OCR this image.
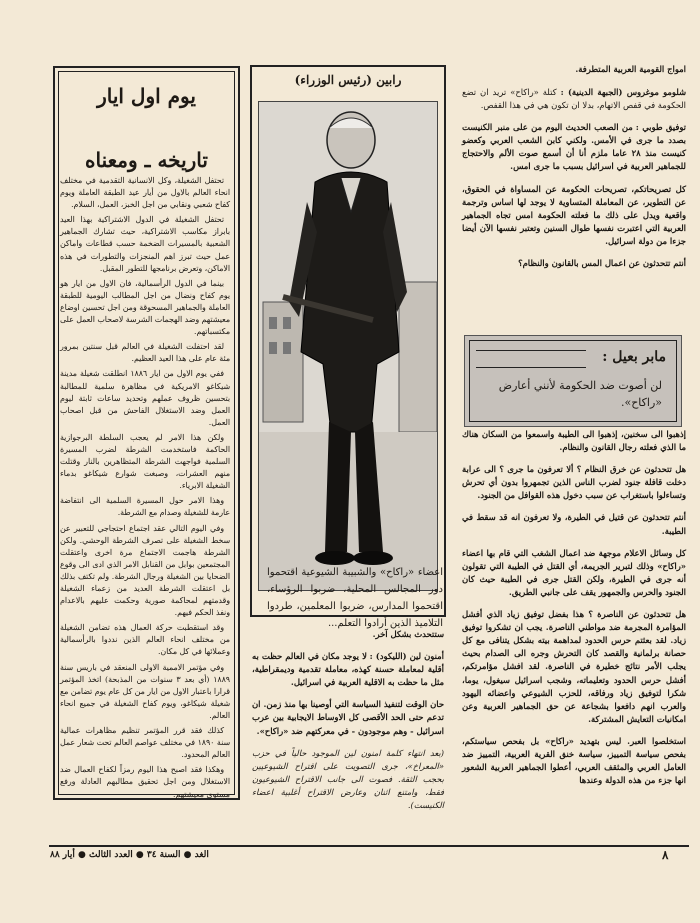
امواج القومية العربية المتطرفة.

شلومو موغروس (الجبهة الدينية) : كتلة «راكاح» تريد ان تضع الحكومة في قفص الاتهام، بدلا ان تكون هي في هذا القفص.

توفيق طوبي : من الصعب الحديث اليوم من على منبر الكنيست بصدد ما جرى في الأمس. ولكني كابن الشعب العربي وكعضو كنيست منذ ٢٨ عاما ملزم أنا أن أسمع صوت الألم والاحتجاج للجماهير العربية في اسرائيل بسبب ما جرى امس.

كل تصريحاتكم، تصريحات الحكومة عن المساواة في الحقوق، عن التطوير، عن المعاملة المتساوية لا يوجد لها اساس وترجمة واقعية ويدل على ذلك ما فعلته الحكومة امس تجاه الجماهير العربية التي اعتبرت نفسها طوال السنين وتعتبر نفسها الآن أيضا جزءا من دولة اسرائيل.

أنتم تتحدثون عن اعمال المس بالقانون والنظام؟

مابر بعيل :
لن أصوت ضد الحكومة لأنني أعارض «راكاح».

إذهبوا الى سخنين، إذهبوا الى الطيبة واسمعوا من السكان هناك ما الذي فعلته رجال القانون والنظام.

هل تتحدثون عن خرق النظام ؟ ألا تعرفون ما جرى ؟ الى عرابة دخلت قافلة جنود لضرب الناس الذين تجمهروا بدون أي تحرش وتساءلوا باستغراب عن سبب دخول هذه القوافل من الجنود.

أنتم تتحدثون عن قتيل في الطيرة، ولا تعرفون انه قد سقط في الطيبة.

كل وسائل الاعلام موجهة ضد اعمال الشغب التي قام بها اعضاء «راكاح» وذلك لتبرير الجريمة، أي القتل في الطيبة التي تقولون أنه جرى في الطيرة، ولكن القتل جرى في الطيبة حيث كان الجنود والحرس والجمهور يقف على جانبي الطريق.

هل تتحدثون عن الناصرة ؟ هذا بفضل توفيق زياد الذي أفشل المؤامرة المجرمة ضد مواطني الناصرة. يجب ان تشكروا توفيق زياد. لقد بعثتم حرس الحدود لمداهمة بيته بشكل يتنافى مع كل حصانة برلمانية والقصد كان التحرش وجره الى الصدام بحيث يجلب الأمر نتائج خطيرة في الناصرة. لقد افشل مؤامرتكم، أفشل حرس الحدود وتعليماته، وشجب اسرائيل سيغول، يوما، شكرا لتوفيق زياد ورفاقه، للحزب الشيوعي واعضائه اليهود والعرب انهم دافعوا بشجاعة عن حق الجماهير العربية وعن امكانيات التعايش المشتركة.

استخلصوا العبر. ليس بتهديد «راكاح» بل بفحص سياستكم، بفحص سياسة التمييز، سياسة خنق القرية العربية، التمييز ضد العامل العربي والمثقف العربي، أعطوا الجماهير العربية الشعور انها جزء من هذه الدولة وعندها

رابين (رئيس الوزراء)
اعضاء «راكاح» والشبيبة الشيوعية اقتحموا دور المجالس المحلية، ضربوا الرؤساء، اقتحموا المدارس، ضربوا المعلمين، طردوا التلاميذ الذين أرادوا التعلم...

ستتحدث بشكل آخر.

أمنون لين (الليكود) : لا يوجد مكان في العالم حظت به أقلية لمعاملة حسنة كهذه، معاملة تقدمية وديمقراطية، مثل ما حظت به الاقلية العربية في اسرائيل.

حان الوقت لتنفيذ السياسة التي أوصينا بها منذ زمن. ان تدعم حتى الحد الأقصى كل الاوساط الايجابية بين عرب اسرائيل - وهم موجودون - في معركتهم ضد «راكاح».

(بعد انتهاء كلمة امنون لين الموجود حالياً في حزب «المعراخ»، جرى التصويت على اقتراح الشيوعيين بحجب الثقة. فصوت الى جانب الاقتراح الشيوعيون فقط، وامتنع اثنان وعارض الاقتراح أغلبية اعضاء الكنيست).

يوم اول ايار
تاريخه ـ ومعناه

تحتفل الشغيلة، وكل الانسانية التقدمية في مختلف انحاء العالم بالاول من أيار عيد الطبقة العاملة ويوم كفاح شعبي ونقابي من اجل الخبز، العمل، السلام.

تحتفل الشغيلة في الدول الاشتراكية بهذا العيد بابراز مكاسب الاشتراكية، حيث تشارك الجماهير الشعبية بالمسيرات الضخمة حسب قطاعات واماكن عمل حيث تبرز اهم المنجزات والتطورات في هذه الاماكن، وتعرض برنامجها للتطور المقبل.

بينما في الدول الرأسمالية، فان الاول من ايار هو يوم كفاح ونضال من اجل المطالب اليومية للطبقة العاملة والجماهير المسحوقة ومن اجل تحسين اوضاع معيشتهم وضد الهجمات الشرسة لاصحاب العمل على مكتسباتهم.

لقد احتفلت الشغيلة في العالم قبل سنتين بمرور مئة عام على هذا العيد العظيم.

ففي يوم الاول من ايار ١٨٨٦ انطلقت شغيلة مدينة شيكاغو الامريكية في مظاهرة سلمية للمطالبة بتحسين ظروف عملهم وتحديد ساعات ثابتة ليوم العمل وضد الاستغلال الفاحش من قبل اصحاب العمل.

ولكن هذا الامر لم يعجب السلطة البرجوازية الحاكمة فاستخدمت الشرطة لضرب المسيرة السلمية فواجهت الشرطة المتظاهرين بالنار وقتلت منهم العشرات، وصبغت شوارع شيكاغو بدماء الشغيلة الابرياء.

وهذا الامر حول المسيرة السلمية الى انتفاضة عارمة للشغيلة وصدام مع الشرطة.

وفي اليوم التالي عقد اجتماع احتجاجي للتعبير عن سخط الشغيلة على تصرف الشرطة الوحشي. ولكن الشرطة هاجمت الاجتماع مرة اخرى واعتقلت المجتمعين بوابل من القنابل الامر الذي ادى الى وقوع الضحايا بين الشغيلة ورجال الشرطة. ولم تكتف بذلك بل اعتقلت الشرطة العديد من زعماء الشغيلة وقدمتهم لمحاكمة صورية وحكمت عليهم بالاعدام ونفذ الحكم فيهم.

وقد استقطبت حركة العمال هذه تضامن الشغيلة من مختلف انحاء العالم الذين نددوا بالرأسمالية وعملائها في كل مكان.

وفي مؤتمر الاممية الاولى المنعقد في باريس سنة ١٨٨٩ (أي بعد ٣ سنوات من المذبحة) اتخذ المؤتمر قرارا باعتبار الاول من ايار من كل عام يوم تضامن مع شغيلة شيكاغو، ويوم كفاح الشغيلة في جميع انحاء العالم.

كذلك فقد قرر المؤتمر تنظيم مظاهرات عمالية سنة ١٨٩٠ في مختلف عواصم العالم تحت شعار عمل العالم المحدود.

وهكذا فقد اصبح هذا اليوم رمزاً لكفاح العمال ضد الاستغلال ومن اجل تحقيق مطالبهم العادلة ورفع مستوى معيشتهم.

٨
الغد ● السنة ٣٤ ● العدد الثالث ● أيار ٨٨
